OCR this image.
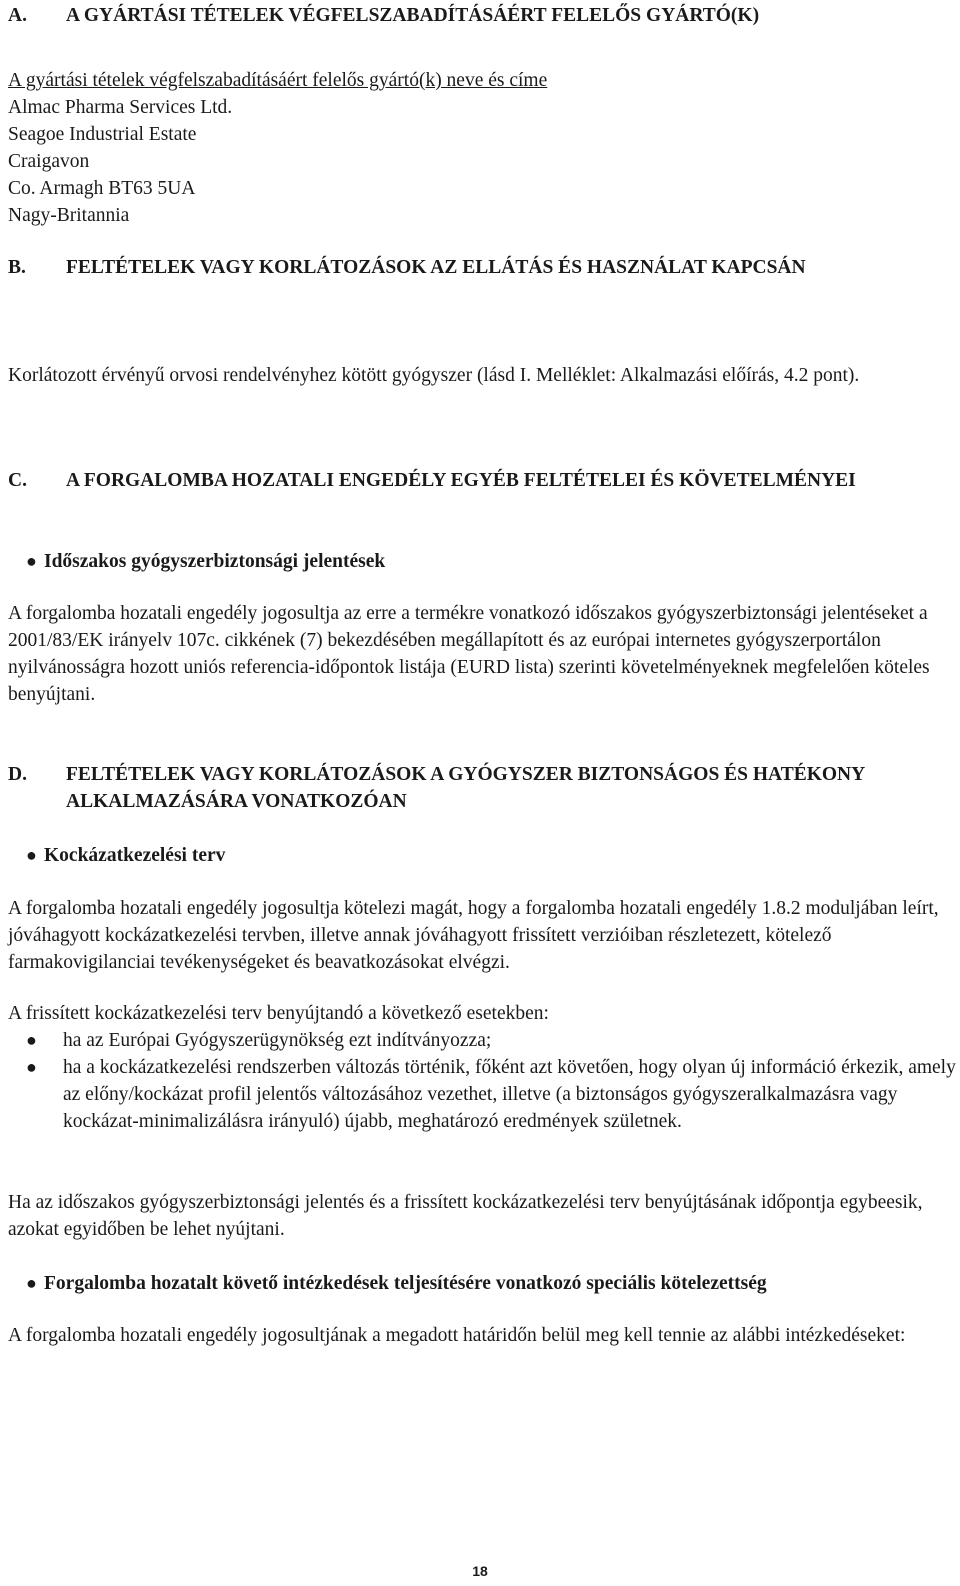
A. A GYÁRTÁSI TÉTELEK VÉGFELSZABADÍTÁSÁÉRT FELELŐS GYÁRTÓ(K)
A gyártási tételek végfelszabadításáért felelős gyártó(k) neve és címe
Almac Pharma Services Ltd.
Seagoe Industrial Estate
Craigavon
Co. Armagh BT63 5UA
Nagy-Britannia
B. FELTÉTELEK VAGY KORLÁTOZÁSOK AZ ELLÁTÁS ÉS HASZNÁLAT KAPCSÁN
Korlátozott érvényű orvosi rendelvényhez kötött gyógyszer (lásd I. Melléklet: Alkalmazási előírás, 4.2 pont).
C. A FORGALOMBA HOZATALI ENGEDÉLY EGYÉB FELTÉTELEI ÉS KÖVETELMÉNYEI
● Időszakos gyógyszerbiztonsági jelentések
A forgalomba hozatali engedély jogosultja az erre a termékre vonatkozó időszakos gyógyszerbiztonsági jelentéseket a 2001/83/EK irányelv 107c. cikkének (7) bekezdésében megállapított és az európai internetes gyógyszerportálon nyilvánosságra hozott uniós referencia-időpontok listája (EURD lista) szerinti követelményeknek megfelelően köteles benyújtani.
D. FELTÉTELEK VAGY KORLÁTOZÁSOK A GYÓGYSZER BIZTONSÁGOS ÉS HATÉKONY ALKALMAZÁSÁRA VONATKOZÓAN
● Kockázatkezelési terv
A forgalomba hozatali engedély jogosultja kötelezi magát, hogy a forgalomba hozatali engedély 1.8.2 moduljában leírt, jóváhagyott kockázatkezelési tervben, illetve annak jóváhagyott frissített verzióiban részletezett, kötelező farmakovigilanciai tevékenységeket és beavatkozásokat elvégzi.
A frissített kockázatkezelési terv benyújtandó a következő esetekben:
● ha az Európai Gyógyszerügynökség ezt indítványozza;
● ha a kockázatkezelési rendszerben változás történik, főként azt követően, hogy olyan új információ érkezik, amely az előny/kockázat profil jelentős változásához vezethet, illetve (a biztonságos gyógyszeralkalmazásra vagy kockázat-minimalizálásra irányuló) újabb, meghatározó eredmények születnek.
Ha az időszakos gyógyszerbiztonsági jelentés és a frissített kockázatkezelési terv benyújtásának időpontja egybeesik, azokat egyidőben be lehet nyújtani.
● Forgalomba hozatalt követő intézkedések teljesítésére vonatkozó speciális kötelezettség
A forgalomba hozatali engedély jogosultjának a megadott határidőn belül meg kell tennie az alábbi intézkedéseket:
18
